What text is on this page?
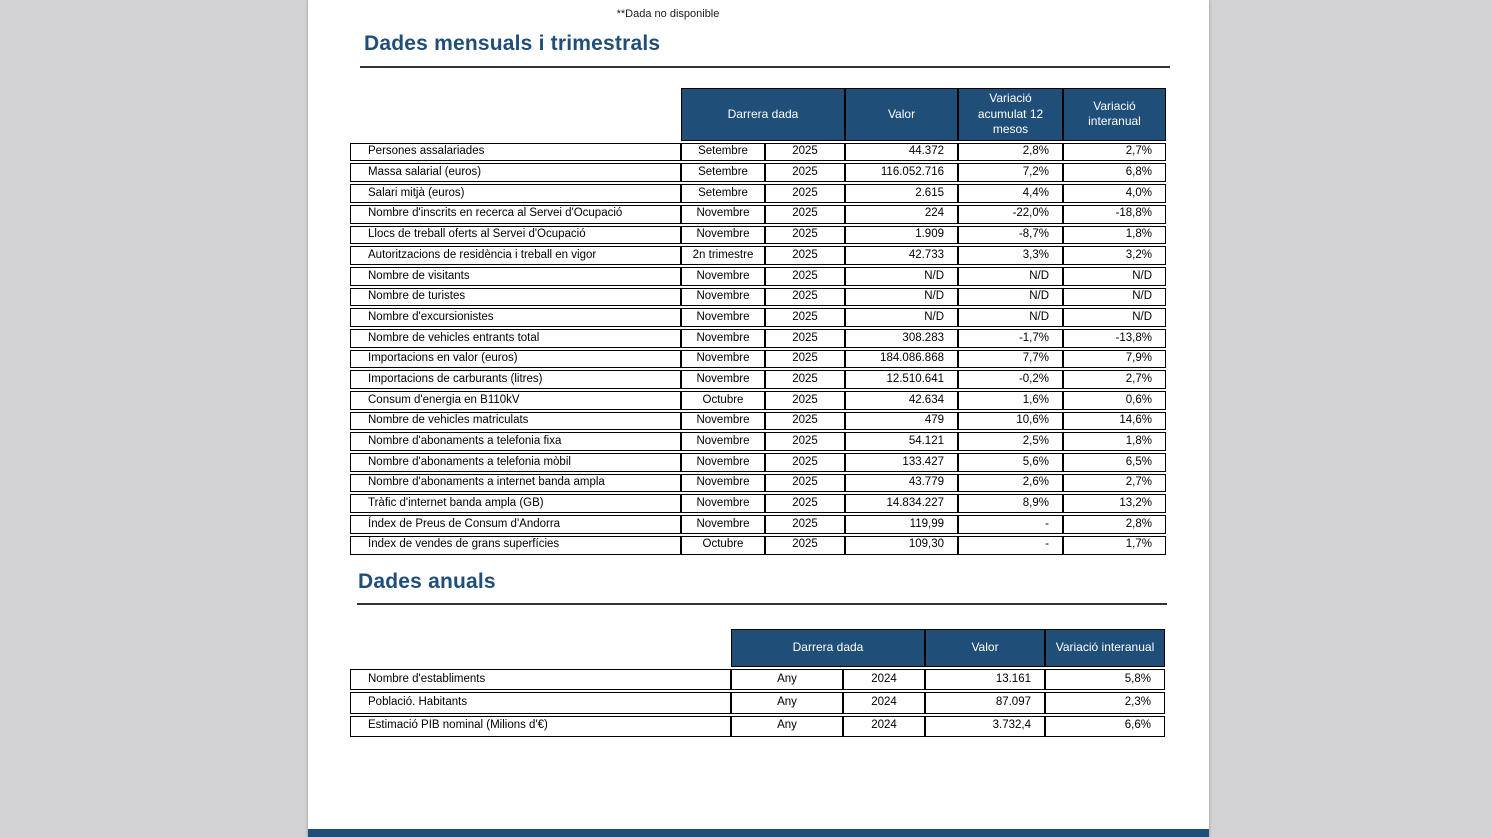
**Dada no disponible
Dades mensuals i trimestrals
	Darrera dada		Valor	Variació acumulat 12 mesos	Variació interanual
Persones assalariades	Setembre	2025	44.372	2,8%	2,7%
Massa salarial (euros)	Setembre	2025	116.052.716	7,2%	6,8%
Salari mitjà (euros)	Setembre	2025	2.615	4,4%	4,0%
Nombre d'inscrits en recerca al Servei d'Ocupació	Novembre	2025	224	-22,0%	-18,8%
Llocs de treball oferts al Servei d'Ocupació	Novembre	2025	1.909	-8,7%	1,8%
Autoritzacions de residència i treball en vigor	2n trimestre	2025	42.733	3,3%	3,2%
Nombre de visitants	Novembre	2025	N/D	N/D	N/D
Nombre de turistes	Novembre	2025	N/D	N/D	N/D
Nombre d'excursionistes	Novembre	2025	N/D	N/D	N/D
Nombre de vehicles entrants total	Novembre	2025	308.283	-1,7%	-13,8%
Importacions en valor (euros)	Novembre	2025	184.086.868	7,7%	7,9%
Importacions de carburants (litres)	Novembre	2025	12.510.641	-0,2%	2,7%
Consum d'energia en B110kV	Octubre	2025	42.634	1,6%	0,6%
Nombre de vehicles matriculats	Novembre	2025	479	10,6%	14,6%
Nombre d'abonaments a telefonia fixa	Novembre	2025	54.121	2,5%	1,8%
Nombre d'abonaments a telefonia mòbil	Novembre	2025	133.427	5,6%	6,5%
Nombre d'abonaments a internet banda ampla	Novembre	2025	43.779	2,6%	2,7%
Tràfic d'internet banda ampla (GB)	Novembre	2025	14.834.227	8,9%	13,2%
Índex de Preus de Consum d'Andorra	Novembre	2025	119,99	-	2,8%
Índex de vendes de grans superfícies	Octubre	2025	109,30	-	1,7%
Dades anuals
	Darrera dada		Valor	Variació interanual
Nombre d'establiments	Any	2024	13.161	5,8%
Població. Habitants	Any	2024	87.097	2,3%
Estimació PIB nominal (Milions d'€)	Any	2024	3.732,4	6,6%
